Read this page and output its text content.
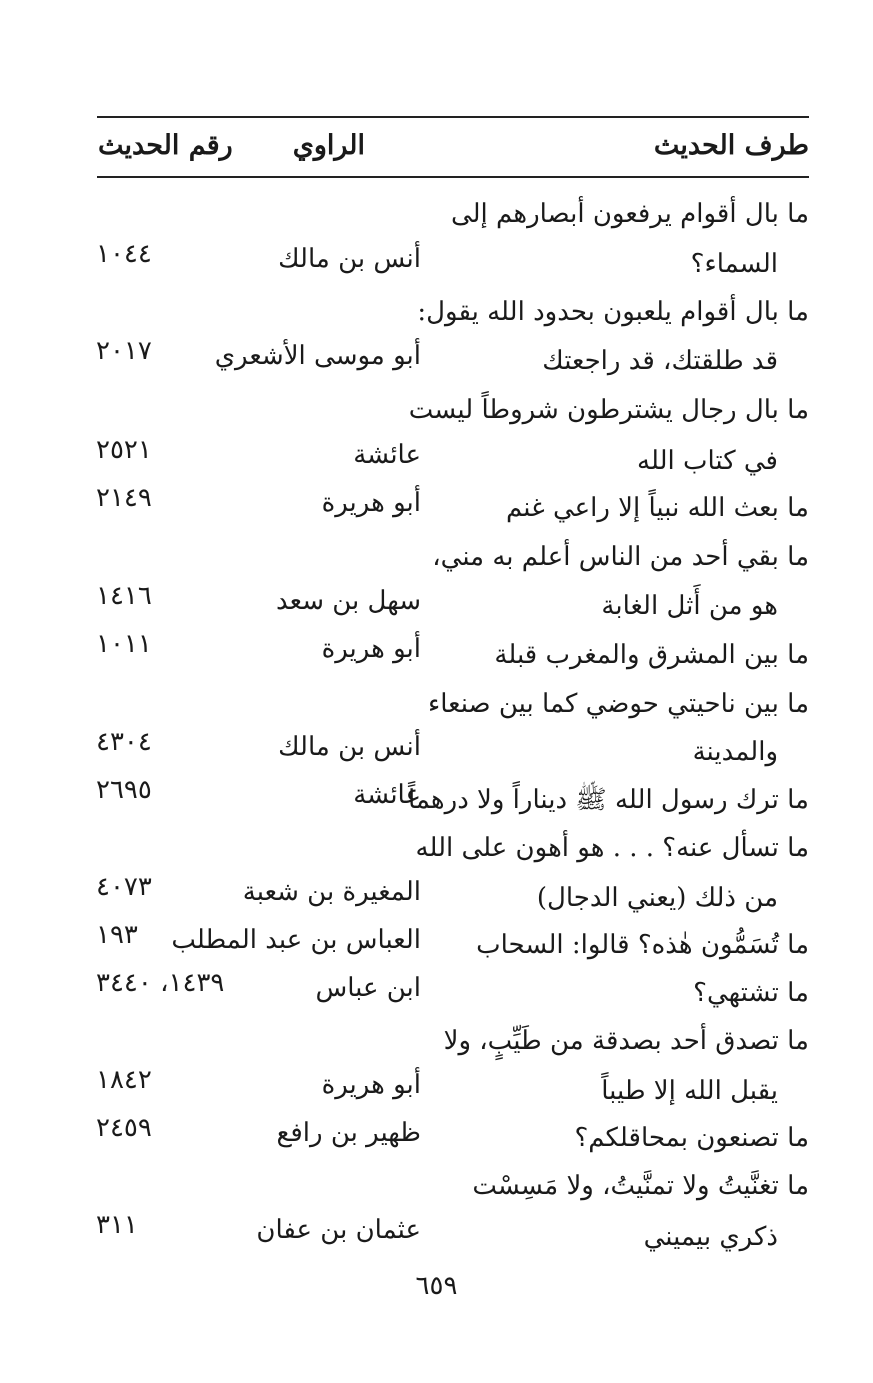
طرف الحديث
الراوي
رقم الحديث
ما بال أقوام يرفعون أبصارهم إلى
السماء؟
أنس بن مالك
١٠٤٤
ما بال أقوام يلعبون بحدود الله يقول:
قد طلقتك، قد راجعتك
أبو موسى الأشعري
٢٠١٧
ما بال رجال يشترطون شروطاً ليست
في كتاب الله
عائشة
٢٥٢١
ما بعث الله نبياً إلا راعي غنم
أبو هريرة
٢١٤٩
ما بقي أحد من الناس أعلم به مني،
هو من أَثل الغابة
سهل بن سعد
١٤١٦
ما بين المشرق والمغرب قبلة
أبو هريرة
١٠١١
ما بين ناحيتي حوضي كما بين صنعاء
والمدينة
أنس بن مالك
٤٣٠٤
ما ترك رسول الله ﷺ ديناراً ولا درهماً
عائشة
٢٦٩٥
ما تسأل عنه؟ . . . هو أهون على الله
من ذلك (يعني الدجال)
المغيرة بن شعبة
٤٠٧٣
ما تُسَمُّون هٰذه؟ قالوا: السحاب
العباس بن عبد المطلب
١٩٣
ما تشتهي؟
ابن عباس
١٤٣٩، ٣٤٤٠
ما تصدق أحد بصدقة من طَيِّبٍ، ولا
يقبل الله إلا طيباً
أبو هريرة
١٨٤٢
ما تصنعون بمحاقلكم؟
ظهير بن رافع
٢٤٥٩
ما تغنَّيتُ ولا تمنَّيتُ، ولا مَسِسْت
ذكري بيميني
عثمان بن عفان
٣١١
٦٥٩
